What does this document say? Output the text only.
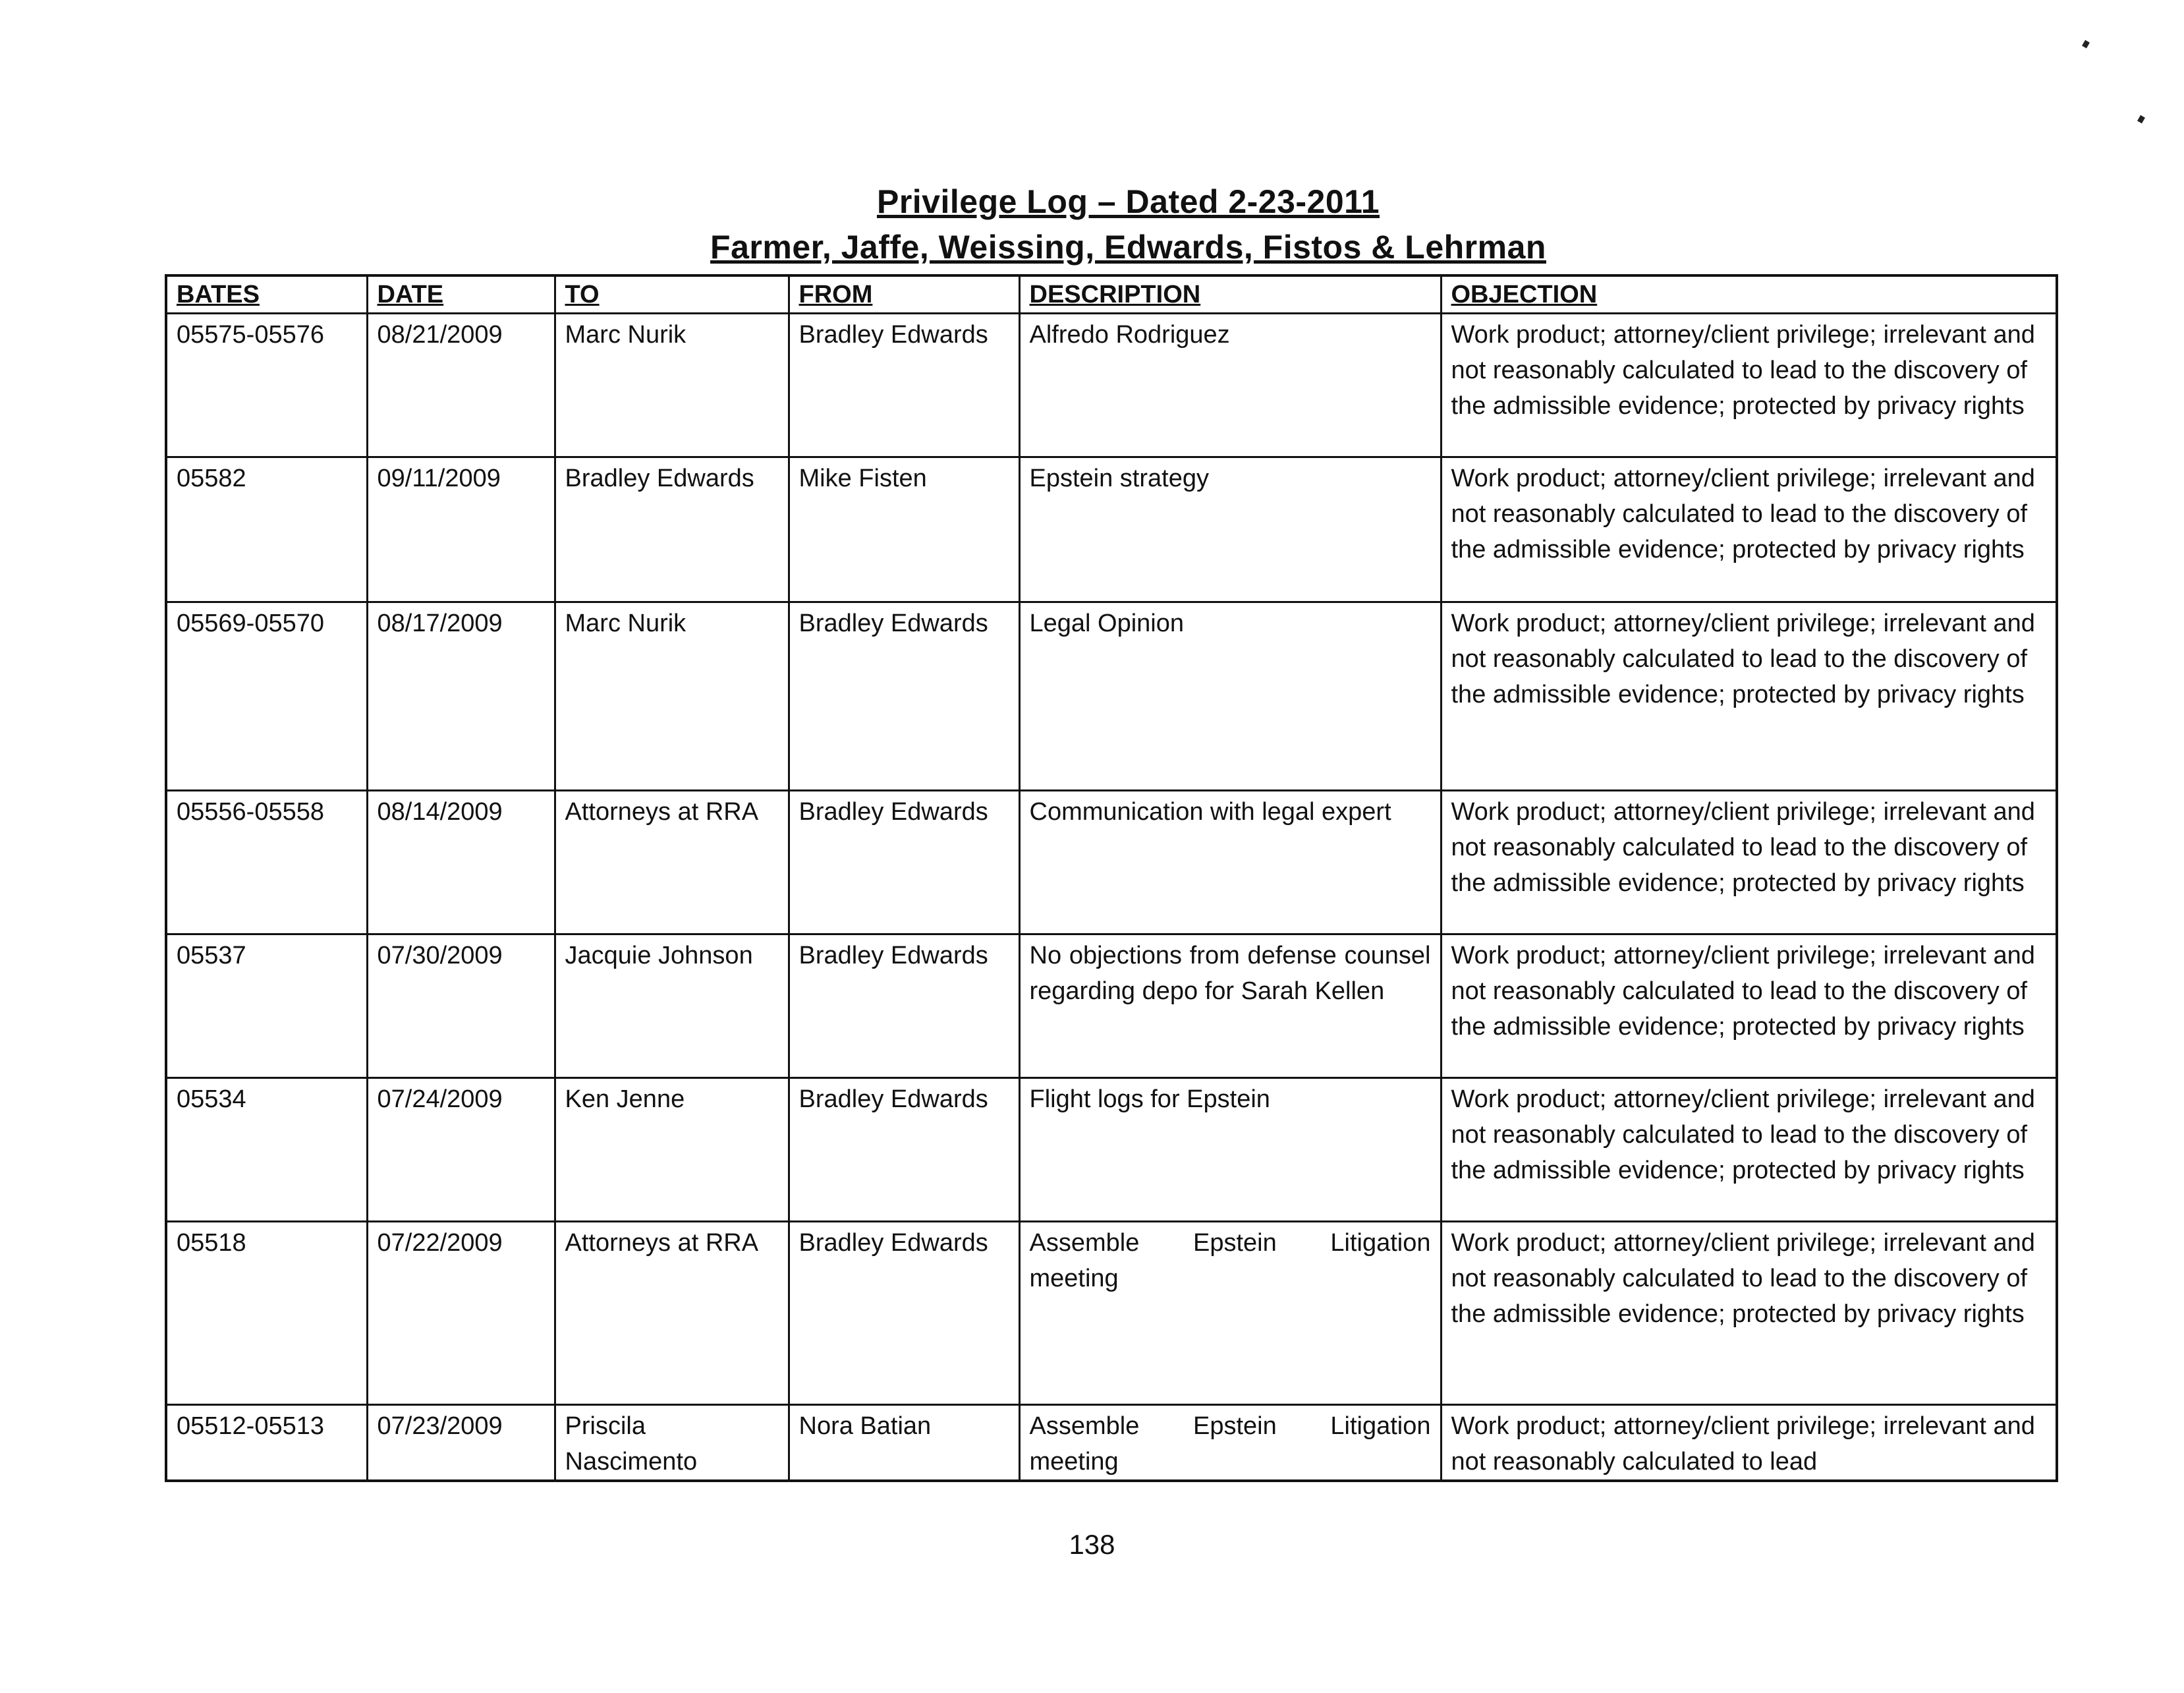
Privilege Log – Dated 2-23-2011
Farmer, Jaffe, Weissing, Edwards, Fistos & Lehrman
BATES	DATE	TO	FROM	DESCRIPTION	OBJECTION
05575-05576	08/21/2009	Marc Nurik	Bradley Edwards	Alfredo Rodriguez	Work product; attorney/client privilege; irrelevant and not reasonably calculated to lead to the discovery of the admissible evidence; protected by privacy rights
05582	09/11/2009	Bradley Edwards	Mike Fisten	Epstein strategy	Work product; attorney/client privilege; irrelevant and not reasonably calculated to lead to the discovery of the admissible evidence; protected by privacy rights
05569-05570	08/17/2009	Marc Nurik	Bradley Edwards	Legal Opinion	Work product; attorney/client privilege; irrelevant and not reasonably calculated to lead to the discovery of the admissible evidence; protected by privacy rights
05556-05558	08/14/2009	Attorneys at RRA	Bradley Edwards	Communication with legal expert	Work product; attorney/client privilege; irrelevant and not reasonably calculated to lead to the discovery of the admissible evidence; protected by privacy rights
05537	07/30/2009	Jacquie Johnson	Bradley Edwards	No objections from defense counsel regarding depo for Sarah Kellen	Work product; attorney/client privilege; irrelevant and not reasonably calculated to lead to the discovery of the admissible evidence; protected by privacy rights
05534	07/24/2009	Ken Jenne	Bradley Edwards	Flight logs for Epstein	Work product; attorney/client privilege; irrelevant and not reasonably calculated to lead to the discovery of the admissible evidence; protected by privacy rights
05518	07/22/2009	Attorneys at RRA	Bradley Edwards	Assemble Epstein Litigation meeting	Work product; attorney/client privilege; irrelevant and not reasonably calculated to lead to the discovery of the admissible evidence; protected by privacy rights
05512-05513	07/23/2009	Priscila Nascimento	Nora Batian	Assemble Epstein Litigation meeting	Work product; attorney/client privilege; irrelevant and not reasonably calculated to lead
138
